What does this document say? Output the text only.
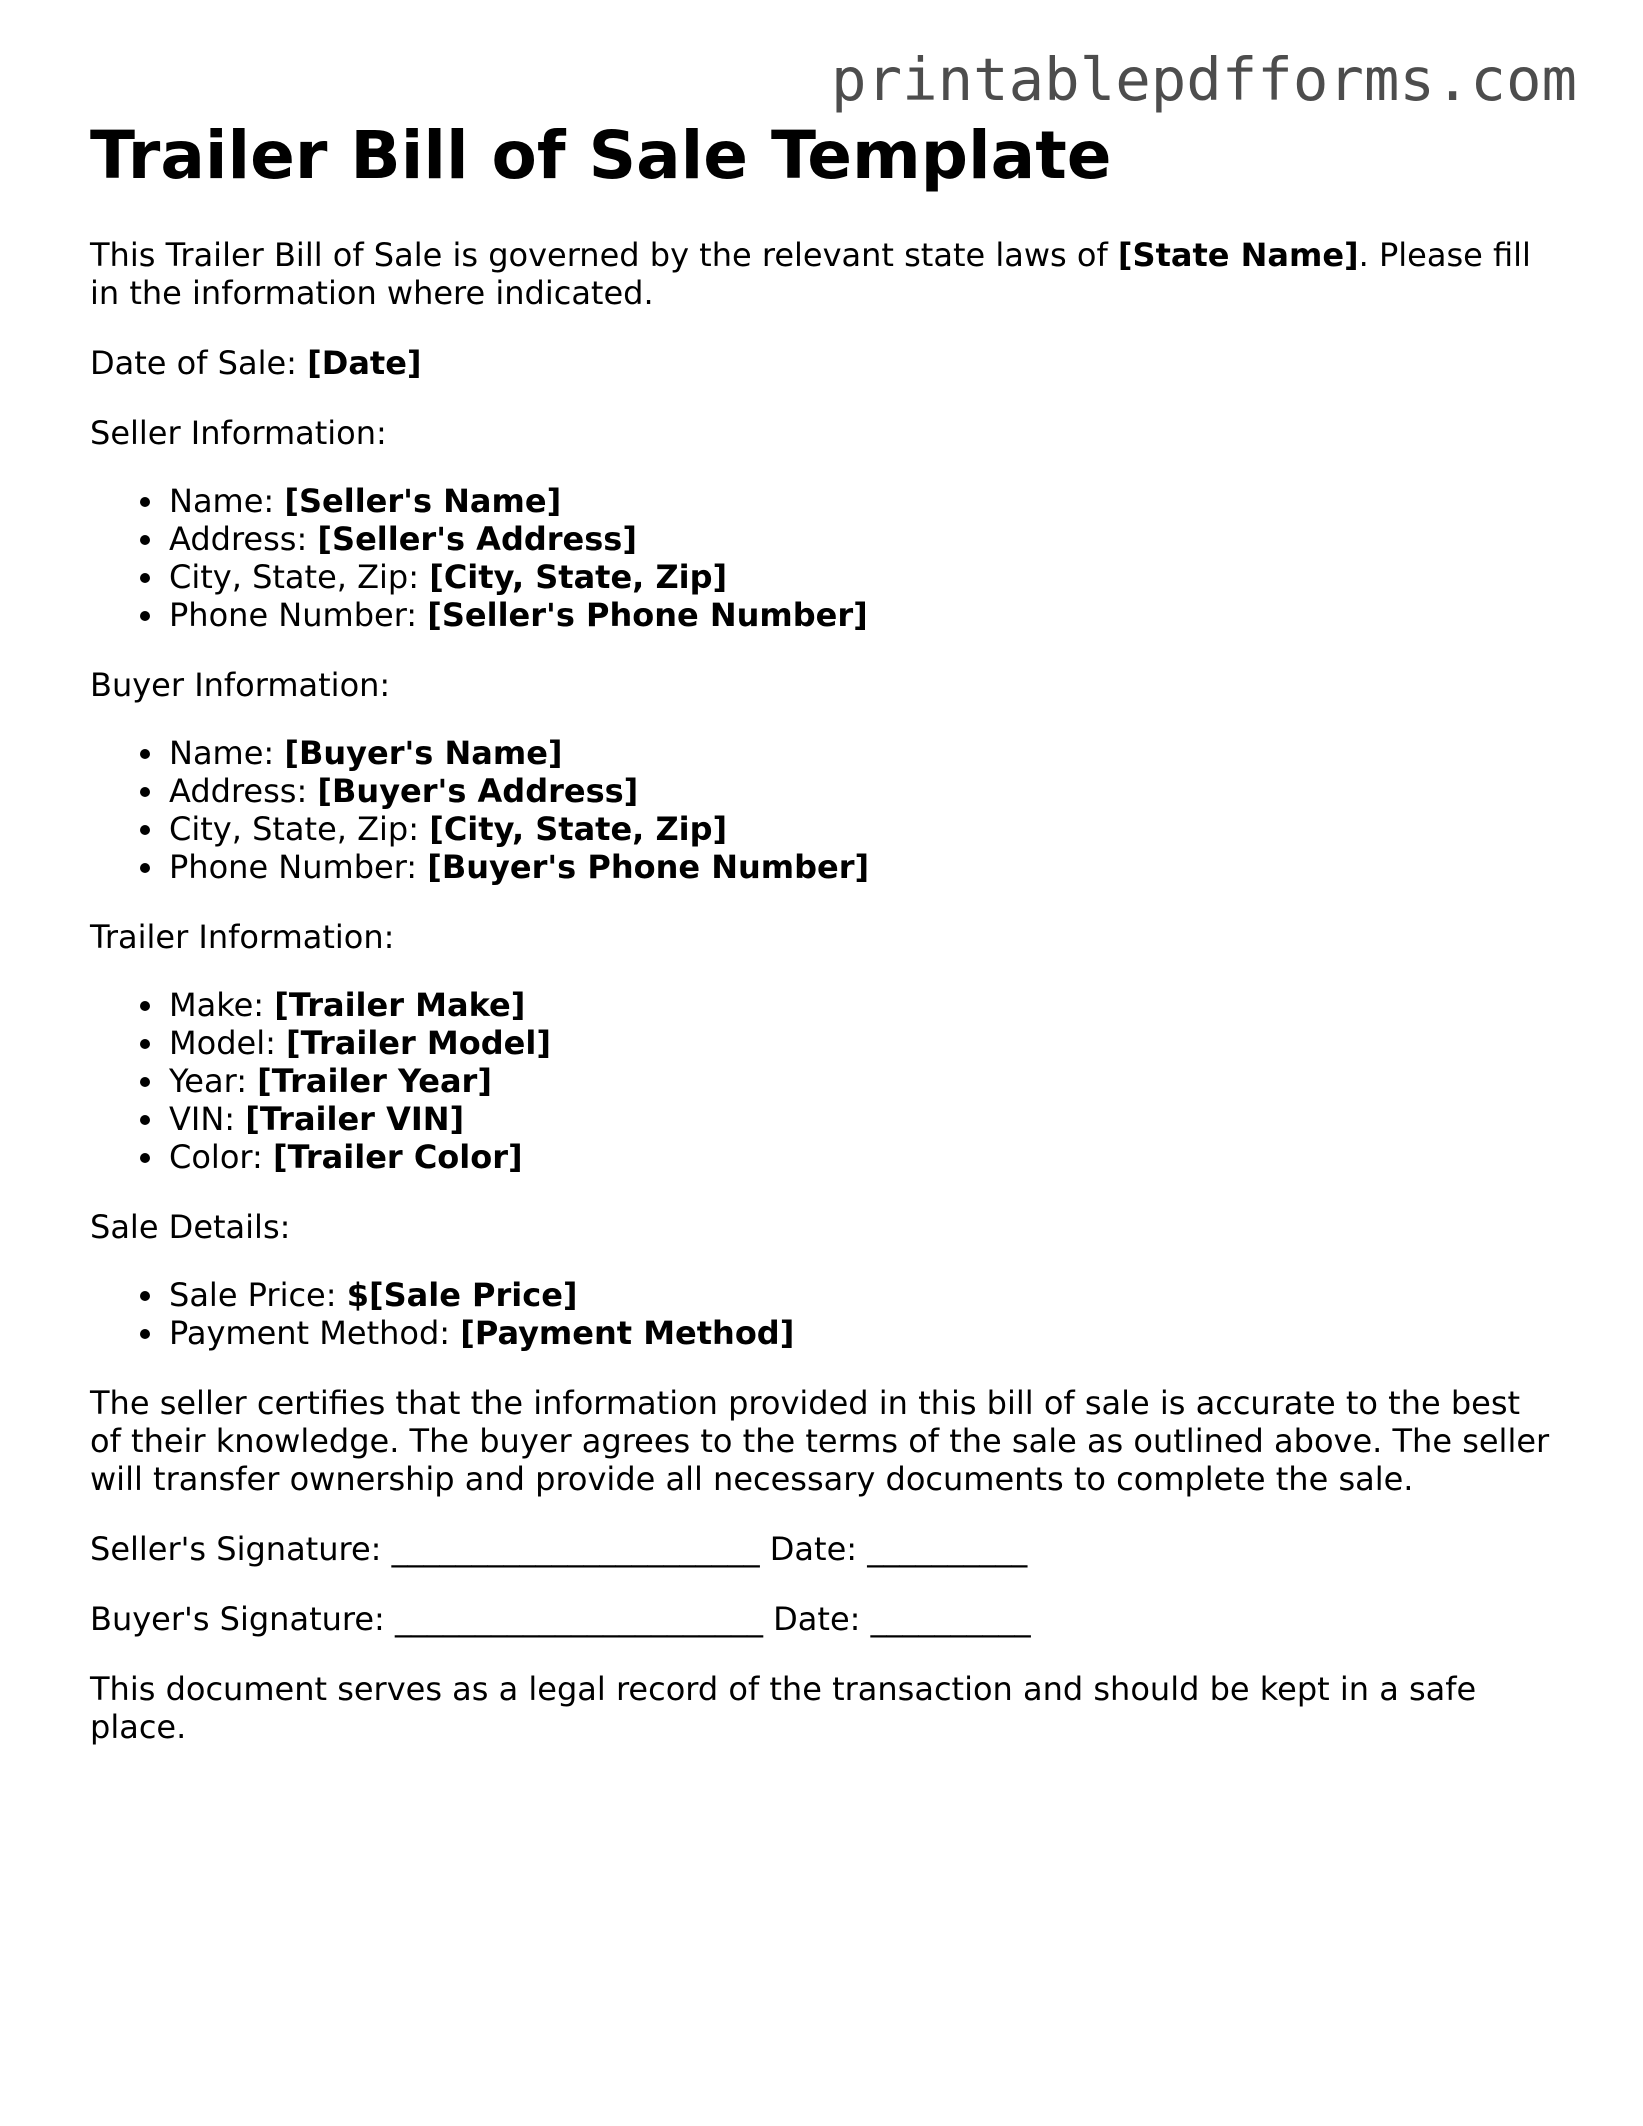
printablepdfforms.com
Trailer Bill of Sale Template

This Trailer Bill of Sale is governed by the relevant state laws of [State Name]. Please fill in the information where indicated.

Date of Sale: [Date]

Seller Information:

Name: [Seller's Name]
Address: [Seller's Address]
City, State, Zip: [City, State, Zip]
Phone Number: [Seller's Phone Number]

Buyer Information:

Name: [Buyer's Name]
Address: [Buyer's Address]
City, State, Zip: [City, State, Zip]
Phone Number: [Buyer's Phone Number]

Trailer Information:

Make: [Trailer Make]
Model: [Trailer Model]
Year: [Trailer Year]
VIN: [Trailer VIN]
Color: [Trailer Color]

Sale Details:

Sale Price: $[Sale Price]
Payment Method: [Payment Method]

The seller certifies that the information provided in this bill of sale is accurate to the best of their knowledge. The buyer agrees to the terms of the sale as outlined above. The seller will transfer ownership and provide all necessary documents to complete the sale.

Seller's Signature: _______________________ Date: __________

Buyer's Signature: _______________________ Date: __________

This document serves as a legal record of the transaction and should be kept in a safe place.
